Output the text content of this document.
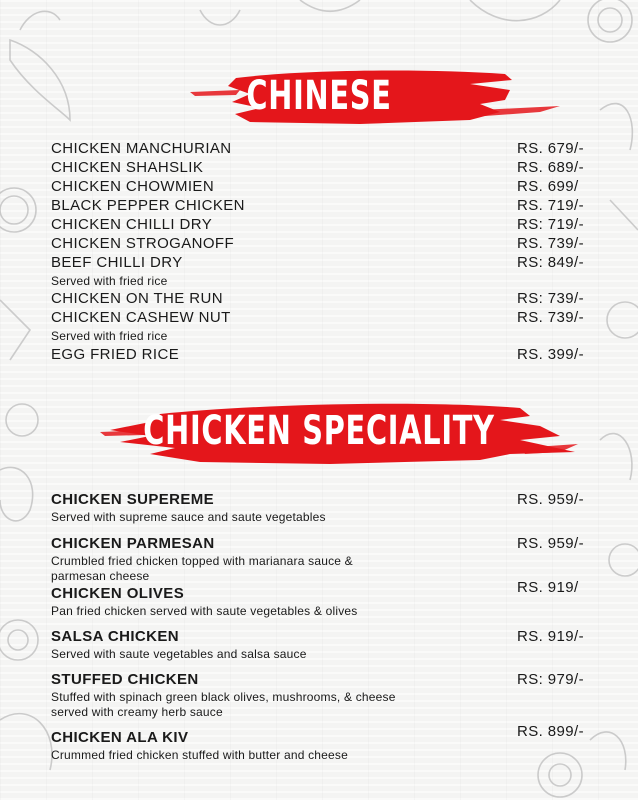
CHINESE
CHICKEN MANCHURIAN	RS. 679/-
CHICKEN SHAHSLIK	RS. 689/-
CHICKEN CHOWMIEN	RS. 699/
BLACK PEPPER CHICKEN	RS. 719/-
CHICKEN CHILLI DRY	RS: 719/-
CHICKEN STROGANOFF	RS. 739/-
BEEF CHILLI DRY	RS: 849/-
Served with fried rice
CHICKEN ON THE RUN	RS: 739/-
CHICKEN CASHEW NUT	RS. 739/-
Served with fried rice
EGG FRIED RICE	RS. 399/-
CHICKEN SPECIALITY
CHICKEN SUPEREME	RS. 959/-
Served with supreme sauce and saute vegetables
CHICKEN PARMESAN	RS. 959/-
Crumbled fried chicken topped with marianara sauce &
parmesan cheese
CHICKEN OLIVES	RS. 919/
Pan fried chicken served with saute vegetables & olives
SALSA CHICKEN	RS. 919/-
Served with saute vegetables and salsa sauce
STUFFED CHICKEN	RS: 979/-
Stuffed with spinach green black olives, mushrooms, & cheese
served with creamy herb sauce
CHICKEN ALA KIV	RS. 899/-
Crummed fried chicken stuffed with butter and cheese
